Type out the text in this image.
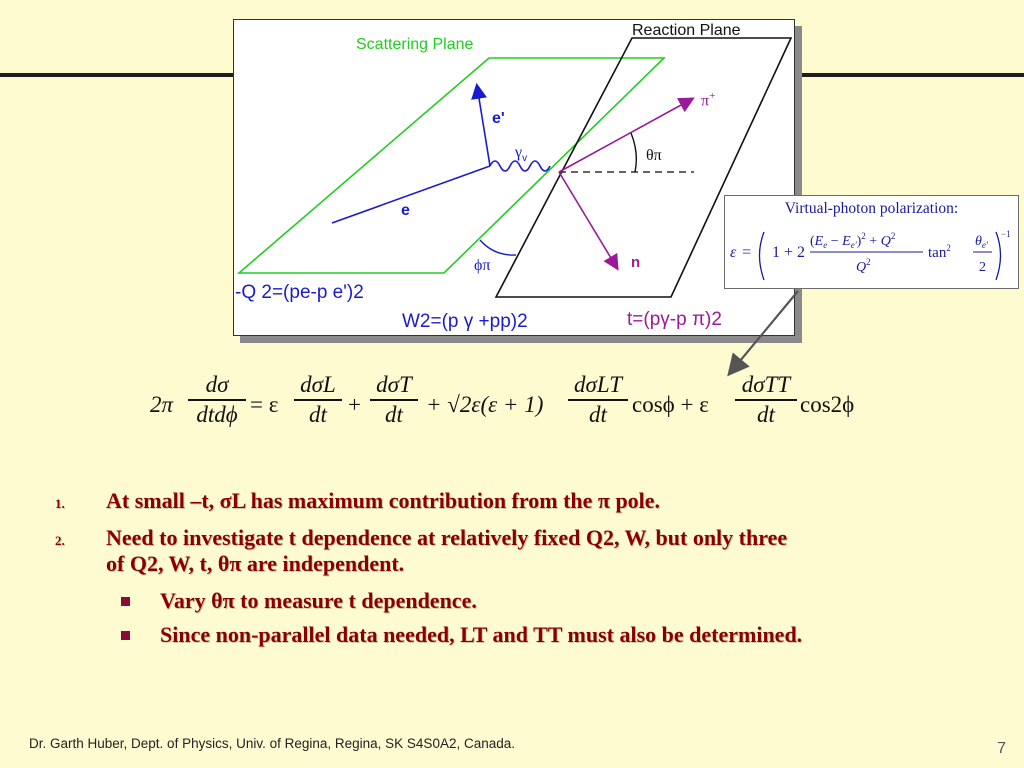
Reaction Plane
Scattering Plane
e'
e
$\gamma_v$
π+
θπ
ϕπ	n
-Q 2=(pe-p e')2
W2=(p γ +pp)2	t=(pγ-p π)2
Virtual-photon polarization:
ε = 1 + 2
$(E_e - E_{e'})^2 + Q^2$
$Q^2$
$\tan^2 \theta_{e'}$
2
−1
2π
dσ
dtdϕ = ε
dσL
dt +
dσT
dt	+ √2ε(ε + 1)
dσLT
dt	cosϕ + ε
dσTT
dt	cos2ϕ
1. At small –t, σL has maximum contribution from the π pole.
2. Need to investigate t dependence at relatively fixed Q2, W, but only three
of Q2, W, t, θπ are independent.
Vary θπ to measure t dependence.
Since non-parallel data needed, LT and TT must also be determined.
Dr. Garth Huber, Dept. of Physics, Univ. of Regina, Regina, SK S4S0A2, Canada.	7
